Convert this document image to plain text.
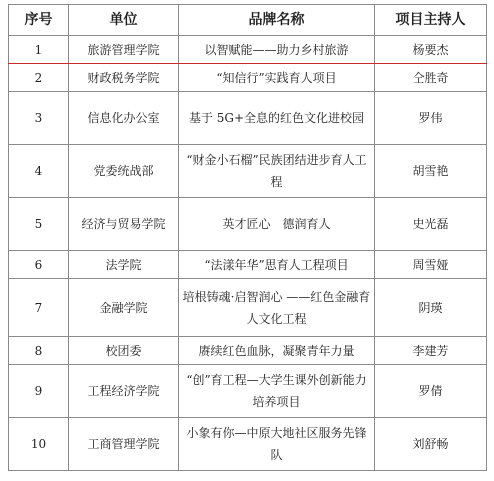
序号	单位	品牌名称	项目主持人
1	旅游管理学院	以智赋能——助力乡村旅游	杨要杰
2	财政税务学院	“知信行”实践育人项目	仝胜奇
3	信息化办公室	基于 5G+全息的红色文化进校园	罗伟
4	党委统战部	“财金小石榴”民族团结进步育人工程	胡雪艳
5	经济与贸易学院	英才匠心　德润育人	史光磊
6	法学院	“法漾年华”思育人工程项目	周雪娅
7	金融学院	培根铸魂·启智润心 ——红色金融育人文化工程	阴瑛
8	校团委	赓续红色血脉，凝聚青年力量	李建芳
9	工程经济学院	“创”育工程—大学生课外创新能力培养项目	罗倩
10	工商管理学院	小象有你—中原大地社区服务先锋队	刘舒畅
